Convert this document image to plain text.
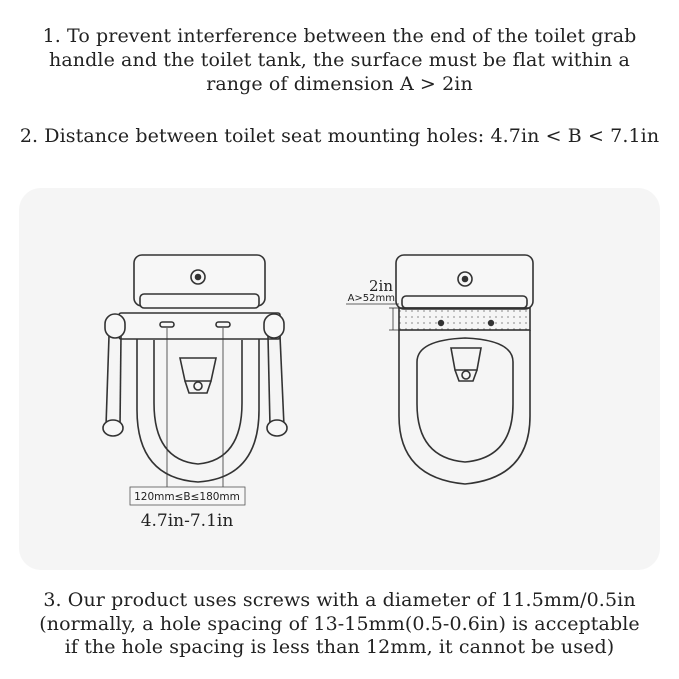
1. To prevent interference between the end of the toilet grab
handle and the toilet tank, the surface must be flat within a
range of dimension A > 2in
2. Distance between toilet seat mounting holes: 4.7in < B < 7.1in
120mm≤B≤180mm
4.7in-7.1in
2in
A>52mm
3. Our product uses screws with a diameter of 11.5mm/0.5in
(normally, a hole spacing of 13-15mm(0.5-0.6in) is acceptable
if the hole spacing is less than 12mm, it cannot be used)
